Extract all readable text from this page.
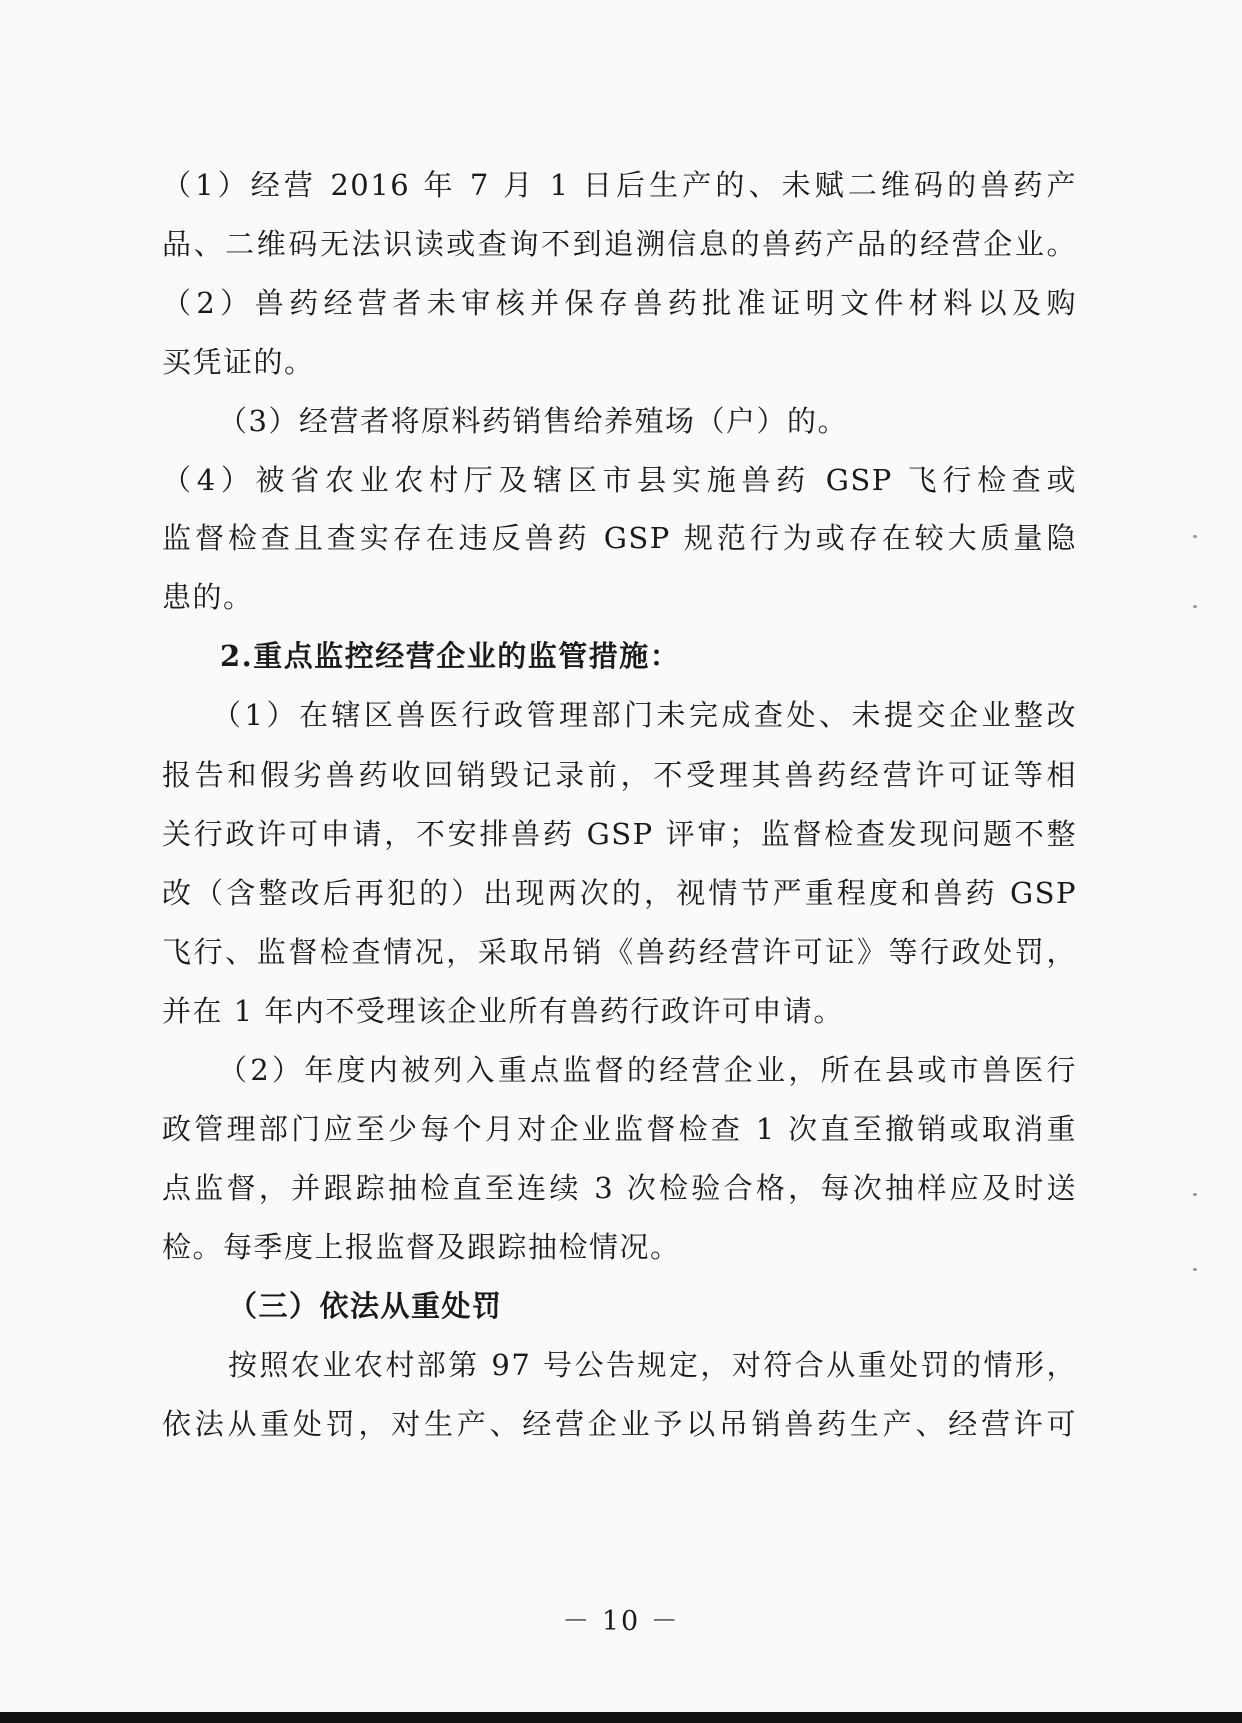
（1）经营 2016 年 7 月 1 日后生产的、未赋二维码的兽药产
品、二维码无法识读或查询不到追溯信息的兽药产品的经营企业。
（2）兽药经营者未审核并保存兽药批准证明文件材料以及购
买凭证的。
（3）经营者将原料药销售给养殖场（户）的。
（4）被省农业农村厅及辖区市县实施兽药 GSP 飞行检查或
监督检查且查实存在违反兽药 GSP 规范行为或存在较大质量隐
患的。
2.重点监控经营企业的监管措施：
（1）在辖区兽医行政管理部门未完成查处、未提交企业整改
报告和假劣兽药收回销毁记录前，不受理其兽药经营许可证等相
关行政许可申请，不安排兽药 GSP 评审；监督检查发现问题不整
改（含整改后再犯的）出现两次的，视情节严重程度和兽药 GSP
飞行、监督检查情况，采取吊销《兽药经营许可证》等行政处罚，
并在 1 年内不受理该企业所有兽药行政许可申请。
（2）年度内被列入重点监督的经营企业，所在县或市兽医行
政管理部门应至少每个月对企业监督检查 1 次直至撤销或取消重
点监督，并跟踪抽检直至连续 3 次检验合格，每次抽样应及时送
检。每季度上报监督及跟踪抽检情况。
（三）依法从重处罚
按照农业农村部第 97 号公告规定，对符合从重处罚的情形，
依法从重处罚，对生产、经营企业予以吊销兽药生产、经营许可
－ 10 －
